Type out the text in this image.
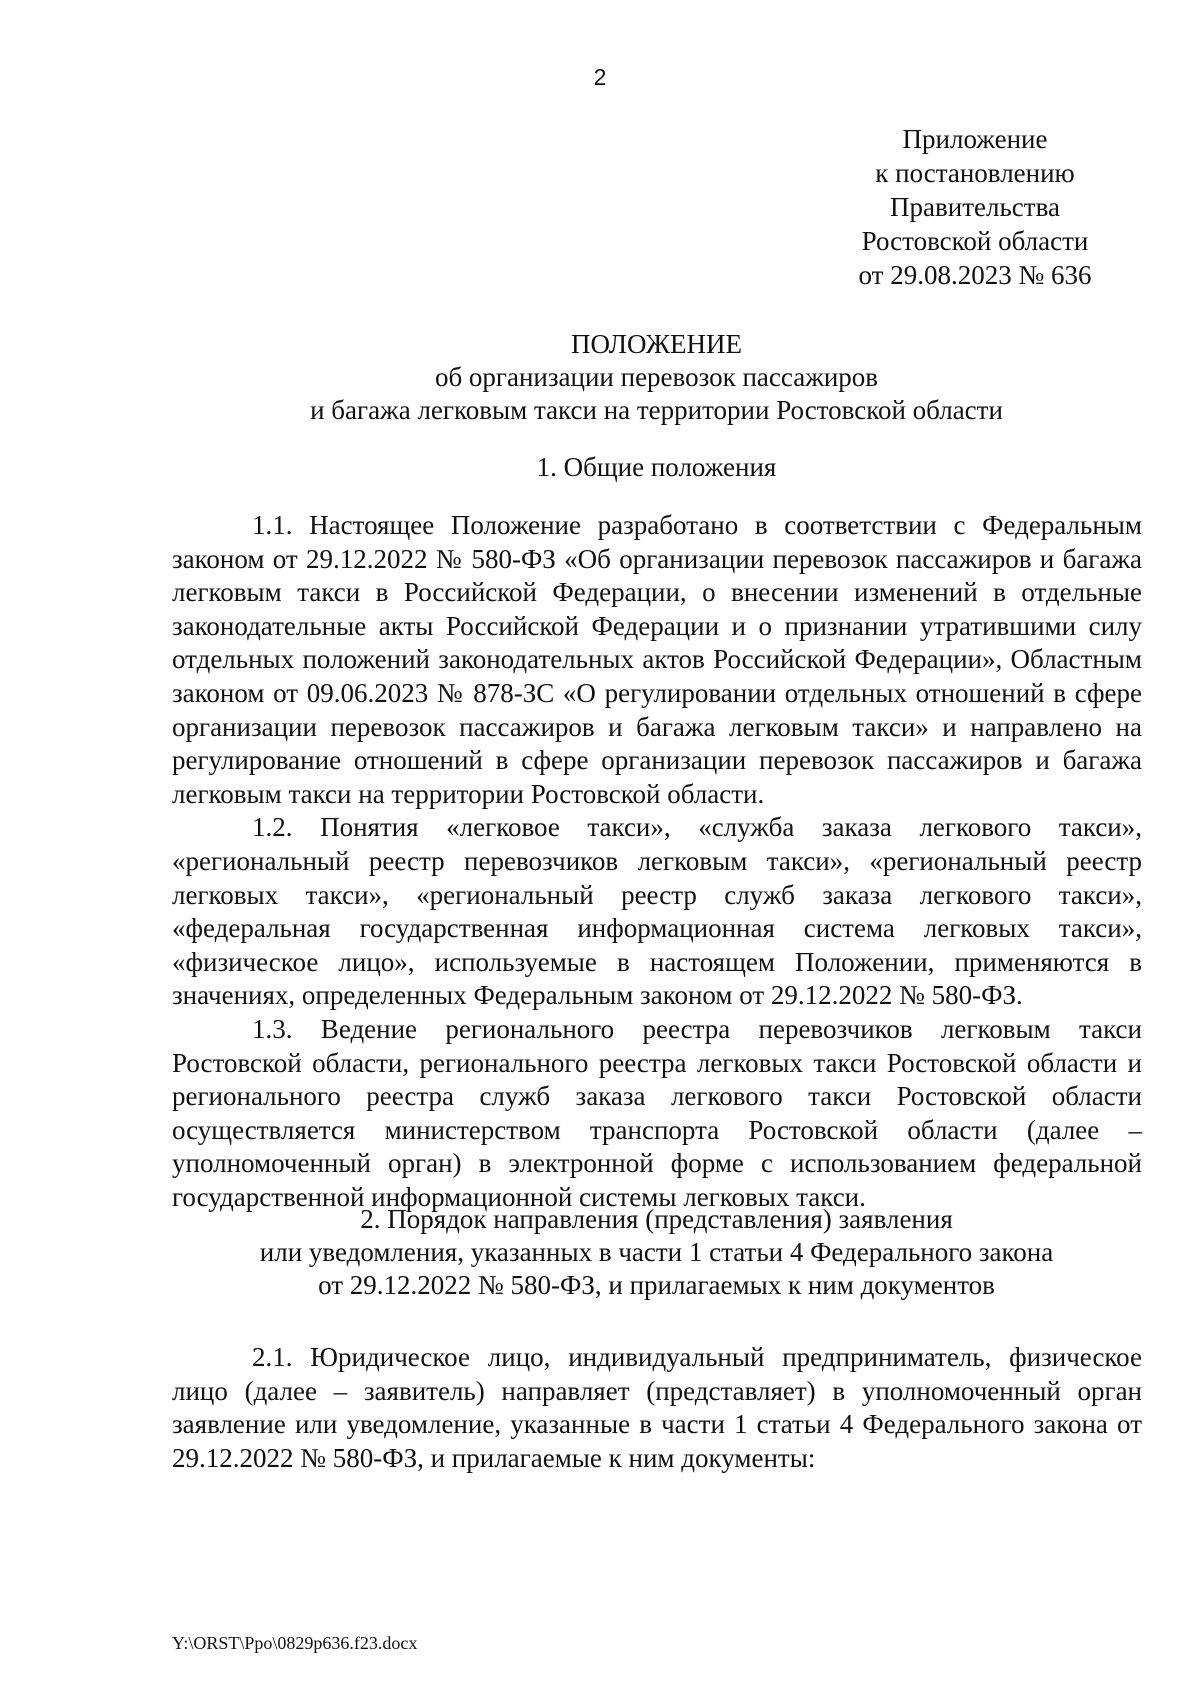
2
Приложение
к постановлению
Правительства
Ростовской области
от 29.08.2023 № 636
ПОЛОЖЕНИЕ
об организации перевозок пассажиров
и багажа легковым такси на территории Ростовской области
1. Общие положения

1.1. Настоящее Положение разработано в соответствии с Федеральным законом от 29.12.2022 № 580-ФЗ «Об организации перевозок пассажиров и багажа легковым такси в Российской Федерации, о внесении изменений в отдельные законодательные акты Российской Федерации и о признании утратившими силу отдельных положений законодательных актов Российской Федерации», Областным законом от 09.06.2023 № 878-ЗС «О регулировании отдельных отношений в сфере организации перевозок пассажиров и багажа легковым такси» и направлено на регулирование отношений в сфере организации перевозок пассажиров и багажа легковым такси на территории Ростовской области.

1.2. Понятия «легковое такси», «служба заказа легкового такси», «региональный реестр перевозчиков легковым такси», «региональный реестр легковых такси», «региональный реестр служб заказа легкового такси», «федеральная государственная информационная система легковых такси», «физическое лицо», используемые в настоящем Положении, применяются в значениях, определенных Федеральным законом от 29.12.2022 № 580-ФЗ.

1.3. Ведение регионального реестра перевозчиков легковым такси Ростовской области, регионального реестра легковых такси Ростовской области и регионального реестра служб заказа легкового такси Ростовской области осуществляется министерством транспорта Ростовской области (далее – уполномоченный орган) в электронной форме с использованием федеральной государственной информационной системы легковых такси.

2. Порядок направления (представления) заявления
или уведомления, указанных в части 1 статьи 4 Федерального закона
от 29.12.2022 № 580-ФЗ, и прилагаемых к ним документов

2.1. Юридическое лицо, индивидуальный предприниматель, физическое лицо (далее – заявитель) направляет (представляет) в уполномоченный орган заявление или уведомление, указанные в части 1 статьи 4 Федерального закона от 29.12.2022 № 580-ФЗ, и прилагаемые к ним документы:

Y:\ORST\Ppo\0829p636.f23.docx
